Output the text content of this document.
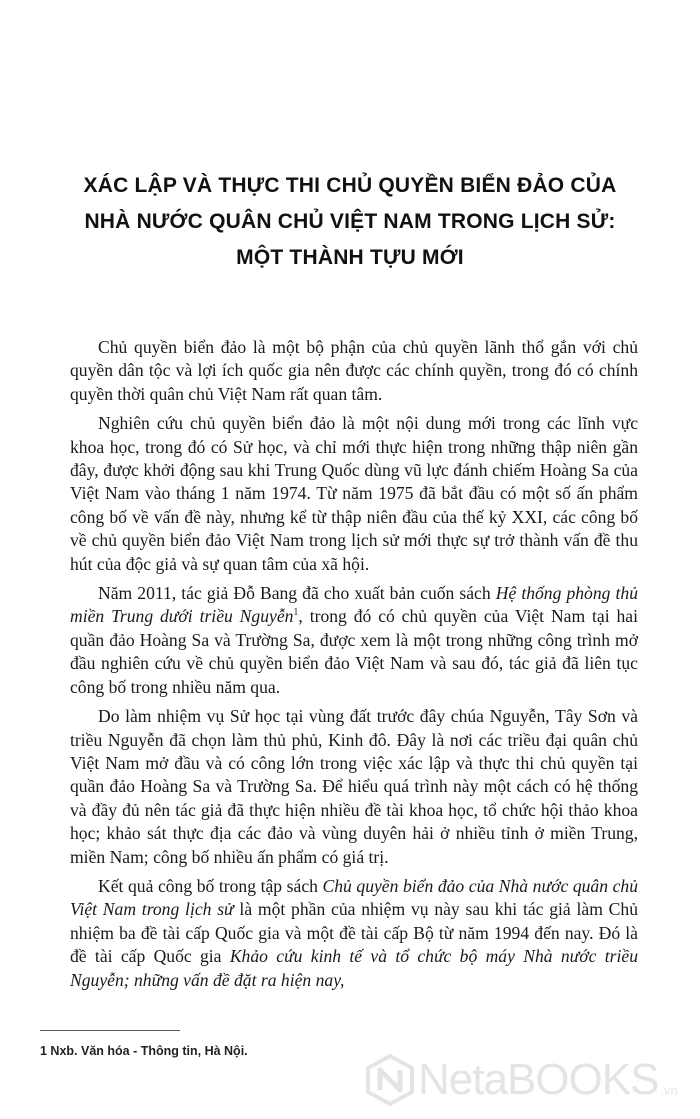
XÁC LẬP VÀ THỰC THI CHỦ QUYỀN BIỂN ĐẢO CỦA
NHÀ NƯỚC QUÂN CHỦ VIỆT NAM TRONG LỊCH SỬ:
MỘT THÀNH TỰU MỚI

Chủ quyền biển đảo là một bộ phận của chủ quyền lãnh thổ gắn với chủ quyền dân tộc và lợi ích quốc gia nên được các chính quyền, trong đó có chính quyền thời quân chủ Việt Nam rất quan tâm.

Nghiên cứu chủ quyền biển đảo là một nội dung mới trong các lĩnh vực khoa học, trong đó có Sử học, và chỉ mới thực hiện trong những thập niên gần đây, được khởi động sau khi Trung Quốc dùng vũ lực đánh chiếm Hoàng Sa của Việt Nam vào tháng 1 năm 1974. Từ năm 1975 đã bắt đầu có một số ấn phẩm công bố về vấn đề này, nhưng kể từ thập niên đầu của thế kỷ XXI, các công bố về chủ quyền biển đảo Việt Nam trong lịch sử mới thực sự trở thành vấn đề thu hút của độc giả và sự quan tâm của xã hội.

Năm 2011, tác giả Đỗ Bang đã cho xuất bản cuốn sách Hệ thống phòng thủ miền Trung dưới triều Nguyễn$^1$, trong đó có chủ quyền của Việt Nam tại hai quần đảo Hoàng Sa và Trường Sa, được xem là một trong những công trình mở đầu nghiên cứu về chủ quyền biển đảo Việt Nam và sau đó, tác giả đã liên tục công bố trong nhiều năm qua.

Do làm nhiệm vụ Sử học tại vùng đất trước đây chúa Nguyễn, Tây Sơn và triều Nguyễn đã chọn làm thủ phủ, Kinh đô. Đây là nơi các triều đại quân chủ Việt Nam mở đầu và có công lớn trong việc xác lập và thực thi chủ quyền tại quần đảo Hoàng Sa và Trường Sa. Để hiểu quá trình này một cách có hệ thống và đầy đủ nên tác giả đã thực hiện nhiều đề tài khoa học, tổ chức hội thảo khoa học; khảo sát thực địa các đảo và vùng duyên hải ở nhiều tỉnh ở miền Trung, miền Nam; công bố nhiều ấn phẩm có giá trị.

Kết quả công bố trong tập sách Chủ quyền biển đảo của Nhà nước quân chủ Việt Nam trong lịch sử là một phần của nhiệm vụ này sau khi tác giả làm Chủ nhiệm ba đề tài cấp Quốc gia và một đề tài cấp Bộ từ năm 1994 đến nay. Đó là đề tài cấp Quốc gia Khảo cứu kinh tế và tổ chức bộ máy Nhà nước triều Nguyễn; những vấn đề đặt ra hiện nay,

1 Nxb. Văn hóa - Thông tin, Hà Nội.
NetaBOOKS .vn
